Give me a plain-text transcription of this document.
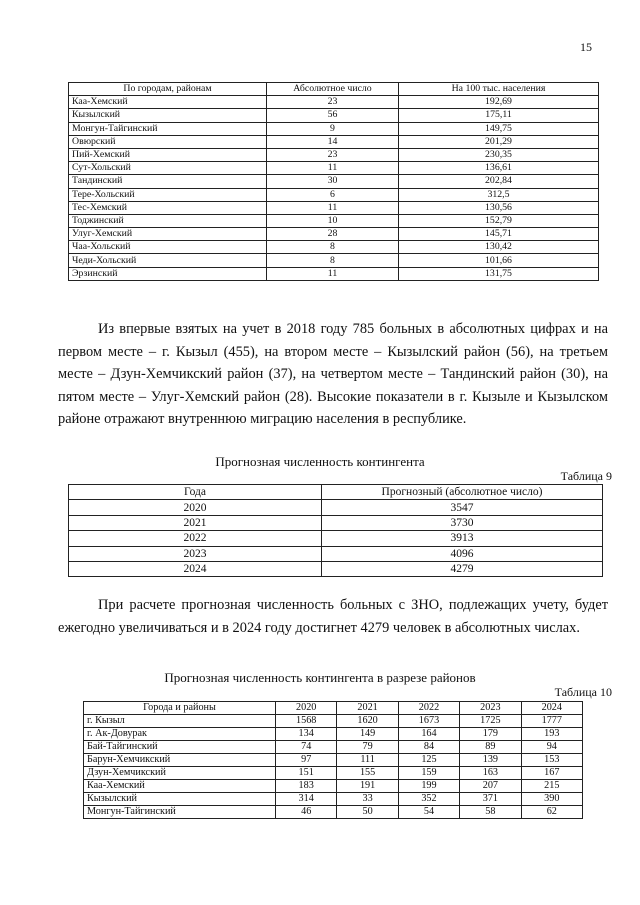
15
По городам, районам	Абсолютное число	На 100 тыс. населения
Каа-Хемский	23	192,69
Кызылский	56	175,11
Монгун-Тайгинский	9	149,75
Овюрский	14	201,29
Пий-Хемский	23	230,35
Сут-Хольский	11	136,61
Тандинский	30	202,84
Тере-Хольский	6	312,5
Тес-Хемский	11	130,56
Тоджинский	10	152,79
Улуг-Хемский	28	145,71
Чаа-Хольский	8	130,42
Чеди-Хольский	8	101,66
Эрзинский	11	131,75

Из впервые взятых на учет в 2018 году 785 больных в абсолютных цифрах и на первом месте – г. Кызыл (455), на втором месте – Кызылский район (56), на третьем месте – Дзун-Хемчикский район (37), на четвертом месте – Тандинский район (30), на пятом месте – Улуг-Хемский район (28). Высокие показатели в г. Кызыле и Кызылском районе отражают внутреннюю миграцию населения в республике.

Прогнозная численность контингента
Таблица 9
Года	Прогнозный (абсолютное число)
2020	3547
2021	3730
2022	3913
2023	4096
2024	4279

При расчете прогнозная численность больных с ЗНО, подлежащих учету, будет ежегодно увеличиваться и в 2024 году достигнет 4279 человек в абсолютных числах.

Прогнозная численность контингента в разрезе районов
Таблица 10
Города и районы	2020	2021	2022	2023	2024
г. Кызыл	1568	1620	1673	1725	1777
г. Ак-Довурак	134	149	164	179	193
Бай-Тайгинский	74	79	84	89	94
Барун-Хемчикский	97	111	125	139	153
Дзун-Хемчикский	151	155	159	163	167
Каа-Хемский	183	191	199	207	215
Кызылский	314	33	352	371	390
Монгун-Тайгинский	46	50	54	58	62
